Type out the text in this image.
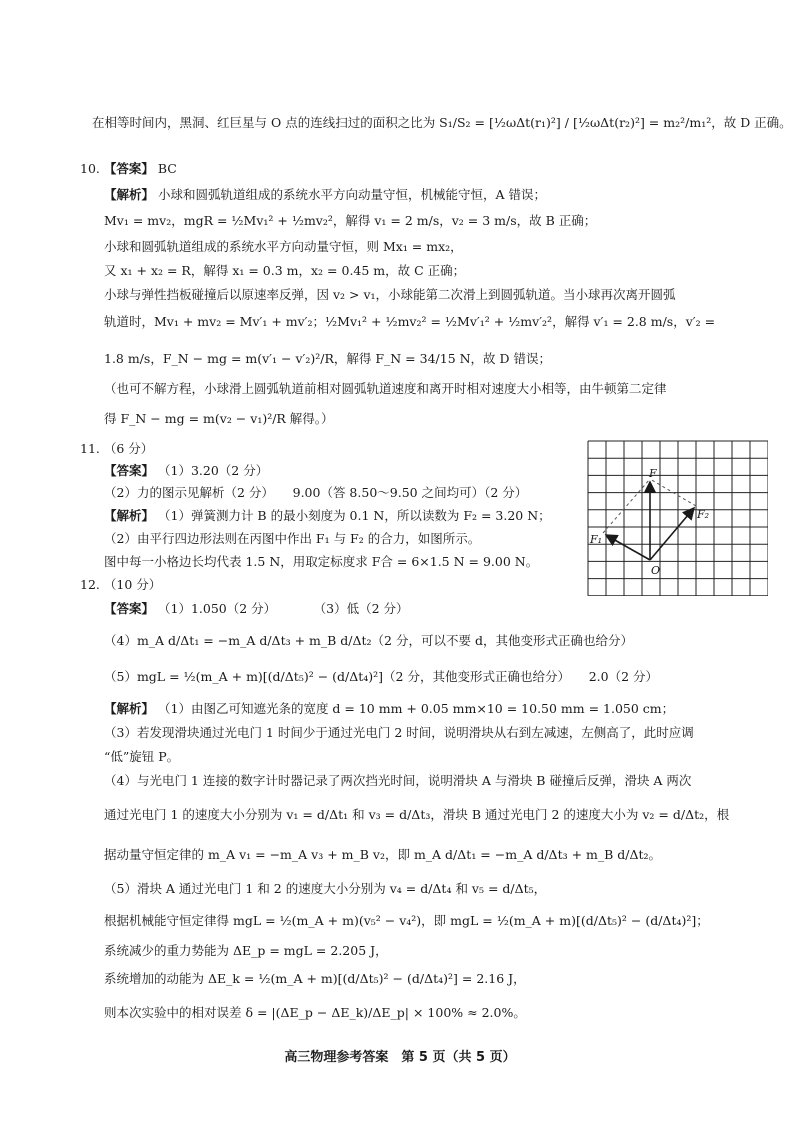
在相等时间内，黑洞、红巨星与 O 点的连线扫过的面积之比为 S₁/S₂ = [½ωΔt(r₁)²] / [½ωΔt(r₂)²] = m₂²/m₁²，故 D 正确。
10. 【答案】 BC
【解析】 小球和圆弧轨道组成的系统水平方向动量守恒，机械能守恒，A 错误；
Mv₁ = mv₂，mgR = ½Mv₁² + ½mv₂²，解得 v₁ = 2 m/s，v₂ = 3 m/s，故 B 正确；
小球和圆弧轨道组成的系统水平方向动量守恒，则 Mx₁ = mx₂，
又 x₁ + x₂ = R，解得 x₁ = 0.3 m，x₂ = 0.45 m，故 C 正确；
小球与弹性挡板碰撞后以原速率反弹，因 v₂ > v₁，小球能第二次滑上到圆弧轨道。当小球再次离开圆弧
轨道时，Mv₁ + mv₂ = Mv′₁ + mv′₂；½Mv₁² + ½mv₂² = ½Mv′₁² + ½mv′₂²，解得 v′₁ = 2.8 m/s，v′₂ =
1.8 m/s，F_N − mg = m(v′₁ − v′₂)²/R，解得 F_N = 34/15 N，故 D 错误；
（也可不解方程，小球滑上圆弧轨道前相对圆弧轨道速度和离开时相对速度大小相等，由牛顿第二定律
得 F_N − mg = m(v₂ − v₁)²/R 解得。）
11. （6 分）
【答案】 （1）3.20（2 分）
（2）力的图示见解析（2 分）　　9.00（答 8.50～9.50 之间均可）（2 分）
【解析】 （1）弹簧测力计 B 的最小刻度为 0.1 N，所以读数为 F₂ = 3.20 N；
（2）由平行四边形法则在丙图中作出 F₁ 与 F₂ 的合力，如图所示。
图中每一小格边长均代表 1.5 N，用取定标度求 F合 = 6×1.5 N = 9.00 N。
F
F₁
F₂
O
12. （10 分）
【答案】 （1）1.050（2 分）　　　　（3）低（2 分）
（4）m_A d/Δt₁ = −m_A d/Δt₃ + m_B d/Δt₂（2 分，可以不要 d，其他变形式正确也给分）
（5）mgL = ½(m_A + m)[(d/Δt₅)² − (d/Δt₄)²]（2 分，其他变形式正确也给分）　　2.0（2 分）
【解析】 （1）由图乙可知遮光条的宽度 d = 10 mm + 0.05 mm×10 = 10.50 mm = 1.050 cm；
（3）若发现滑块通过光电门 1 时间少于通过光电门 2 时间，说明滑块从右到左减速，左侧高了，此时应调
“低”旋钮 P。
（4）与光电门 1 连接的数字计时器记录了两次挡光时间，说明滑块 A 与滑块 B 碰撞后反弹，滑块 A 两次
通过光电门 1 的速度大小分别为 v₁ = d/Δt₁ 和 v₃ = d/Δt₃，滑块 B 通过光电门 2 的速度大小为 v₂ = d/Δt₂，根
据动量守恒定律的 m_A v₁ = −m_A v₃ + m_B v₂，即 m_A d/Δt₁ = −m_A d/Δt₃ + m_B d/Δt₂。
（5）滑块 A 通过光电门 1 和 2 的速度大小分别为 v₄ = d/Δt₄ 和 v₅ = d/Δt₅，
根据机械能守恒定律得 mgL = ½(m_A + m)(v₅² − v₄²)，即 mgL = ½(m_A + m)[(d/Δt₅)² − (d/Δt₄)²]；
系统减少的重力势能为 ΔE_p = mgL = 2.205 J，
系统增加的动能为 ΔE_k = ½(m_A + m)[(d/Δt₅)² − (d/Δt₄)²] = 2.16 J，
则本次实验中的相对误差 δ = |(ΔE_p − ΔE_k)/ΔE_p| × 100% ≈ 2.0%。
高三物理参考答案　第 5 页（共 5 页）
